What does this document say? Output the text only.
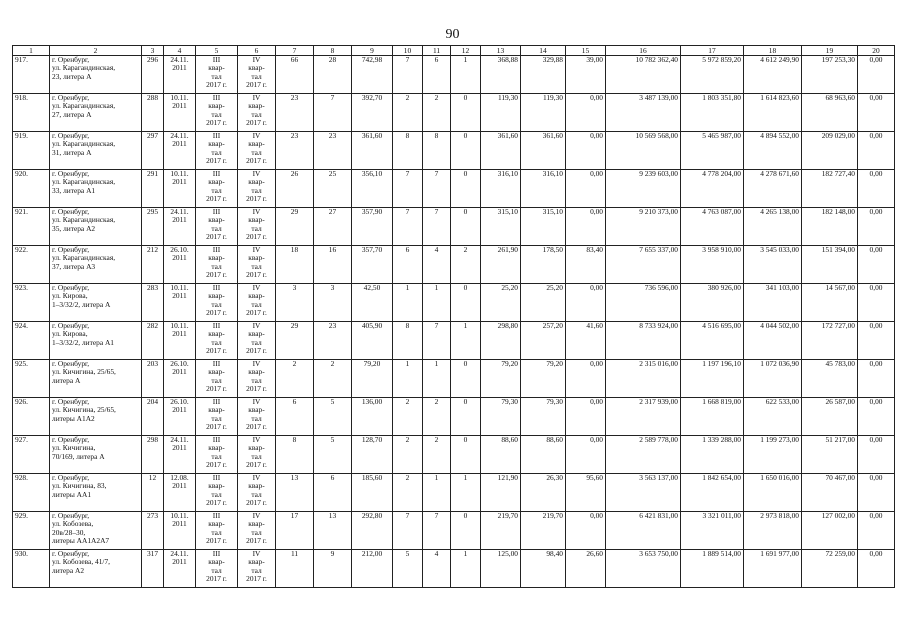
90
1	2	3	4	5	6	7	8	9	10	11	12	13	14	15	16	17	18	19	20
917.	г. Оренбург,
ул. Карагандинская,
23, литера А	296	24.11.
2011	III
квар-
тал
2017 г.	IV
квар-
тал
2017 г.	66	28	742,98	7	6	1	368,88	329,88	39,00	10 782 362,40	5 972 859,20	4 612 249,90	197 253,30	0,00
918.	г. Оренбург,
ул. Карагандинская,
27, литера А	288	10.11.
2011	III
квар-
тал
2017 г.	IV
квар-
тал
2017 г.	23	7	392,70	2	2	0	119,30	119,30	0,00	3 487 139,00	1 803 351,80	1 614 823,60	68 963,60	0,00
919.	г. Оренбург,
ул. Карагандинская,
31, литера А	297	24.11.
2011	III
квар-
тал
2017 г.	IV
квар-
тал
2017 г.	23	23	361,60	8	8	0	361,60	361,60	0,00	10 569 568,00	5 465 987,00	4 894 552,00	209 029,00	0,00
920.	г. Оренбург,
ул. Карагандинская,
33, литера А1	291	10.11.
2011	III
квар-
тал
2017 г.	IV
квар-
тал
2017 г.	26	25	356,10	7	7	0	316,10	316,10	0,00	9 239 603,00	4 778 204,00	4 278 671,60	182 727,40	0,00
921.	г. Оренбург,
ул. Карагандинская,
35, литера А2	295	24.11.
2011	III
квар-
тал
2017 г.	IV
квар-
тал
2017 г.	29	27	357,90	7	7	0	315,10	315,10	0,00	9 210 373,00	4 763 087,00	4 265 138,00	182 148,00	0,00
922.	г. Оренбург,
ул. Карагандинская,
37, литера А3	212	26.10.
2011	III
квар-
тал
2017 г.	IV
квар-
тал
2017 г.	18	16	357,70	6	4	2	261,90	178,50	83,40	7 655 337,00	3 958 910,00	3 545 033,00	151 394,00	0,00
923.	г. Оренбург,
ул. Кирова,
1–3/32/2, литера А	283	10.11.
2011	III
квар-
тал
2017 г.	IV
квар-
тал
2017 г.	3	3	42,50	1	1	0	25,20	25,20	0,00	736 596,00	380 926,00	341 103,00	14 567,00	0,00
924.	г. Оренбург,
ул. Кирова,
1–3/32/2, литера А1	282	10.11.
2011	III
квар-
тал
2017 г.	IV
квар-
тал
2017 г.	29	23	405,90	8	7	1	298,80	257,20	41,60	8 733 924,00	4 516 695,00	4 044 502,00	172 727,00	0,00
925.	г. Оренбург,
ул. Кичигина, 25/65,
литера А	203	26.10.
2011	III
квар-
тал
2017 г.	IV
квар-
тал
2017 г.	2	2	79,20	1	1	0	79,20	79,20	0,00	2 315 016,00	1 197 196,10	1 072 036,90	45 783,00	0,00
926.	г. Оренбург,
ул. Кичигина, 25/65,
литеры А1А2	204	26.10.
2011	III
квар-
тал
2017 г.	IV
квар-
тал
2017 г.	6	5	136,00	2	2	0	79,30	79,30	0,00	2 317 939,00	1 668 819,00	622 533,00	26 587,00	0,00
927.	г. Оренбург,
ул. Кичигина,
70/169, литера А	298	24.11.
2011	III
квар-
тал
2017 г.	IV
квар-
тал
2017 г.	8	5	128,70	2	2	0	88,60	88,60	0,00	2 589 778,00	1 339 288,00	1 199 273,00	51 217,00	0,00
928.	г. Оренбург,
ул. Кичигина, 83,
литеры АА1	12	12.08.
2011	III
квар-
тал
2017 г.	IV
квар-
тал
2017 г.	13	6	185,60	2	1	1	121,90	26,30	95,60	3 563 137,00	1 842 654,00	1 650 016,00	70 467,00	0,00
929.	г. Оренбург,
ул. Кобозева,
20в/28–30,
литеры АА1А2А7	273	10.11.
2011	III
квар-
тал
2017 г.	IV
квар-
тал
2017 г.	17	13	292,80	7	7	0	219,70	219,70	0,00	6 421 831,00	3 321 011,00	2 973 818,00	127 002,00	0,00
930.	г. Оренбург,
ул. Кобозева, 41/7,
литера А2	317	24.11.
2011	III
квар-
тал
2017 г.	IV
квар-
тал
2017 г.	11	9	212,00	5	4	1	125,00	98,40	26,60	3 653 750,00	1 889 514,00	1 691 977,00	72 259,00	0,00
